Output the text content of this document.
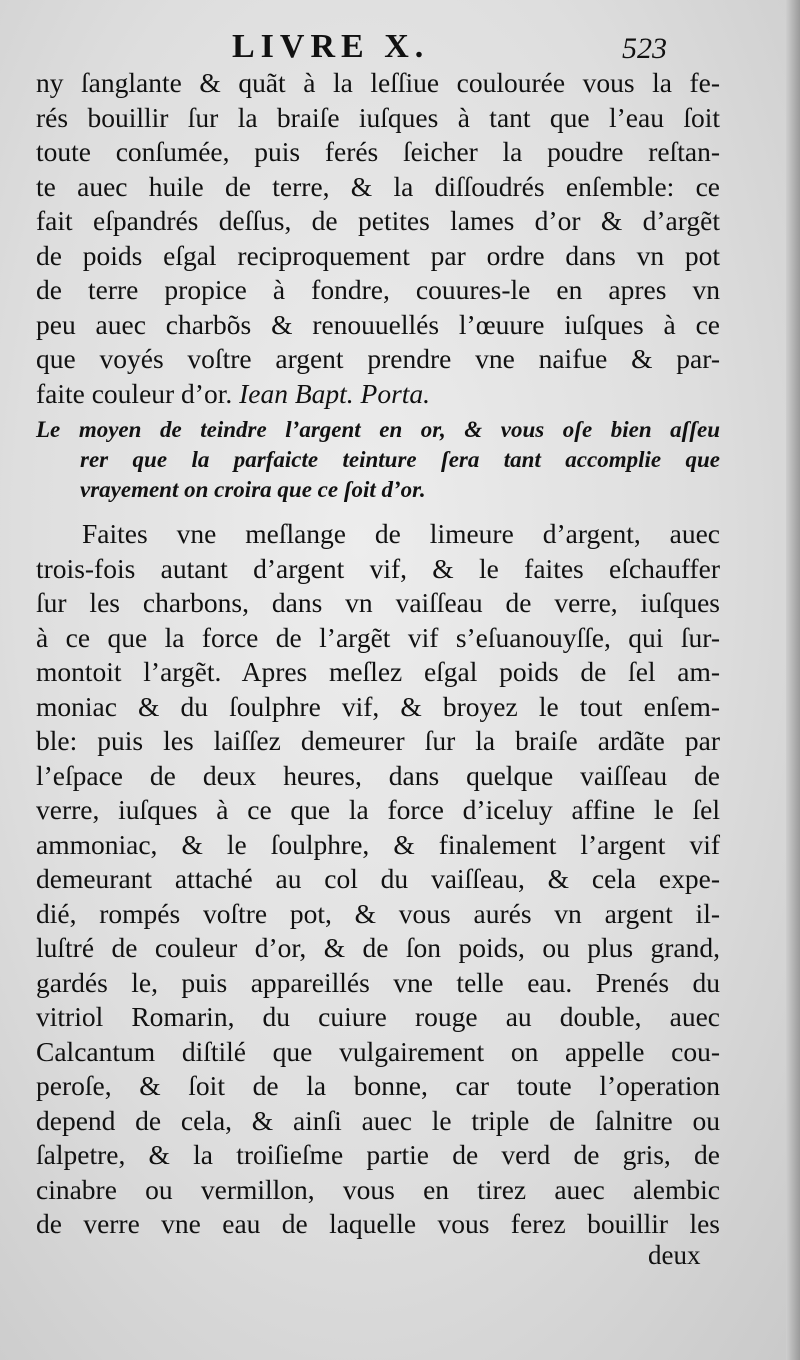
LIVRE X.	523
ny ſanglante & quãt à la leſſiue coulourée vous la fe-
rés bouillir ſur la braiſe iuſques à tant que l’eau ſoit
toute conſumée, puis ferés ſeicher la poudre reſtan-
te auec huile de terre, & la diſſoudrés enſemble: ce
fait eſpandrés deſſus, de petites lames d’or & d’argẽt
de poids eſgal reciproquement par ordre dans vn pot
de terre propice à fondre, couures-le en apres vn
peu auec charbõs & renouuellés l’œuure iuſques à ce
que voyés voſtre argent prendre vne naifue & par-
faite couleur d’or. Iean Bapt. Porta.
Le moyen de teindre l’argent en or, & vous oſe bien aſſeu
rer que la parfaicte teinture ſera tant accomplie que
vrayement on croira que ce ſoit d’or.
Faites vne meſlange de limeure d’argent, auec
trois-fois autant d’argent vif, & le faites eſchauffer
ſur les charbons, dans vn vaiſſeau de verre, iuſques
à ce que la force de l’argẽt vif s’eſuanouyſſe, qui ſur-
montoit l’argẽt. Apres meſlez eſgal poids de ſel am-
moniac & du ſoulphre vif, & broyez le tout enſem-
ble: puis les laiſſez demeurer ſur la braiſe ardãte par
l’eſpace de deux heures, dans quelque vaiſſeau de
verre, iuſques à ce que la force d’iceluy affine le ſel
ammoniac, & le ſoulphre, & finalement l’argent vif
demeurant attaché au col du vaiſſeau, & cela expe-
dié, rompés voſtre pot, & vous aurés vn argent il-
luſtré de couleur d’or, & de ſon poids, ou plus grand,
gardés le, puis appareillés vne telle eau. Prenés du
vitriol Romarin, du cuiure rouge au double, auec
Calcantum diſtilé que vulgairement on appelle cou-
peroſe, & ſoit de la bonne, car toute l’operation
depend de cela, & ainſi auec le triple de ſalnitre ou
ſalpetre, & la troiſieſme partie de verd de gris, de
cinabre ou vermillon, vous en tirez auec alembic
de verre vne eau de laquelle vous ferez bouillir les
deux
